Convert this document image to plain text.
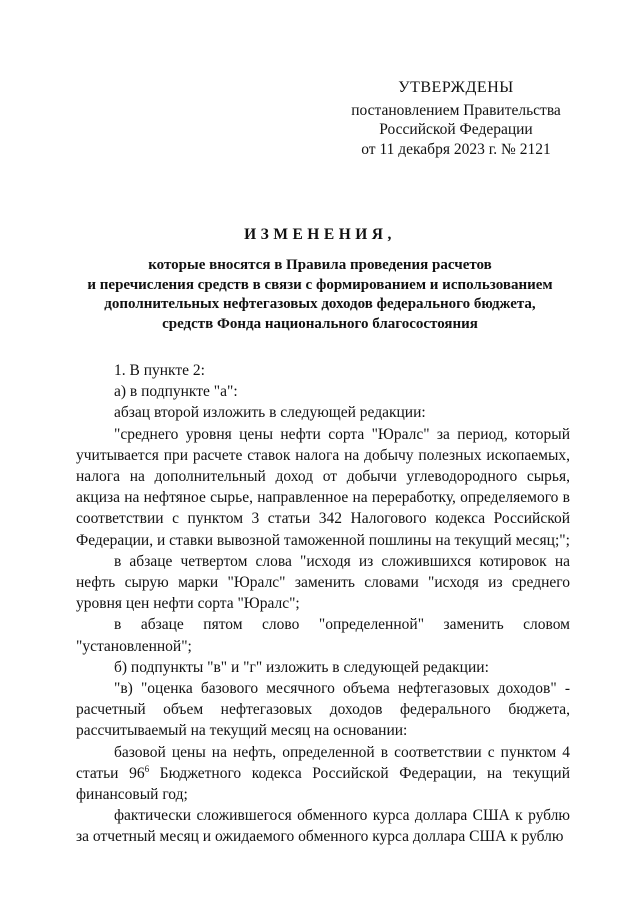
УТВЕРЖДЕНЫ
постановлением Правительства
Российской Федерации
от 11 декабря 2023 г. № 2121
ИЗМЕНЕНИЯ,
которые вносятся в Правила проведения расчетов
и перечисления средств в связи с формированием и использованием
дополнительных нефтегазовых доходов федерального бюджета,
средств Фонда национального благосостояния

1. В пункте 2:

а) в подпункте "а":

абзац второй изложить в следующей редакции:

"среднего уровня цены нефти сорта "Юралс" за период, который учитывается при расчете ставок налога на добычу полезных ископаемых, налога на дополнительный доход от добычи углеводородного сырья, акциза на нефтяное сырье, направленное на переработку, определяемого в соответствии с пунктом 3 статьи 342 Налогового кодекса Российской Федерации, и ставки вывозной таможенной пошлины на текущий месяц;";

в абзаце четвертом слова "исходя из сложившихся котировок на нефть сырую марки "Юралс" заменить словами "исходя из среднего уровня цен нефти сорта "Юралс";

в абзаце пятом слово "определенной" заменить словом "установленной";

б) подпункты "в" и "г" изложить в следующей редакции:

"в) "оценка базового месячного объема нефтегазовых доходов" - расчетный объем нефтегазовых доходов федерального бюджета, рассчитываемый на текущий месяц на основании:

базовой цены на нефть, определенной в соответствии с пунктом 4 статьи $96^6$ Бюджетного кодекса Российской Федерации, на текущий финансовый год;

фактически сложившегося обменного курса доллара США к рублю за отчетный месяц и ожидаемого обменного курса доллара США к рублю
